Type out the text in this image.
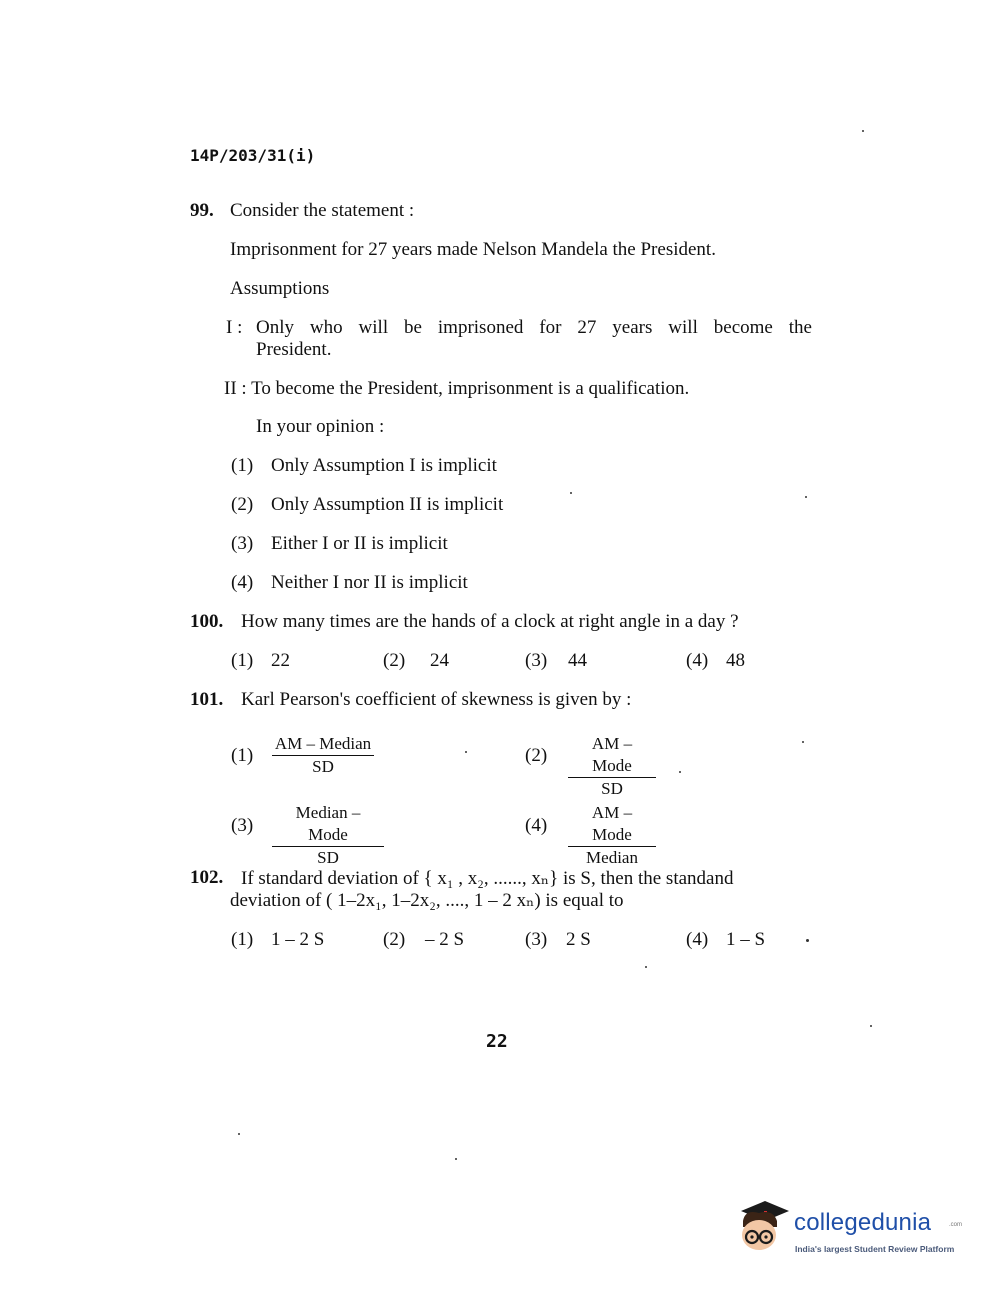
14P/203/31(i)
99. Consider the statement :
Imprisonment for 27 years made Nelson Mandela the President.
Assumptions
I : Only who will be imprisoned for 27 years will become the
President.
II : To become the President, imprisonment is a qualification.
In your opinion :
(1) Only Assumption I is implicit
(2) Only Assumption II is implicit
(3) Either I or II is implicit
(4) Neither I nor II is implicit
100. How many times are the hands of a clock at right angle in a day ?
(1) 22	(2) 24	(3) 44	(4) 48
101. Karl Pearson's coefficient of skewness is given by :
(1)
AM – Median
SD
(2)
AM – Mode
SD
(3)
Median – Mode
SD
(4)
AM – Mode
Median
102. If standard deviation of { x₁ , x₂, ......, xₙ} is S, then the standand
deviation of ( 1–2x₁, 1–2x₂, ...., 1 – 2 xₙ) is equal to
(1) 1 – 2 S	(2) – 2 S	(3) 2 S	(4) 1 – S
22
collegedunia	.com
India's largest Student Review Platform
